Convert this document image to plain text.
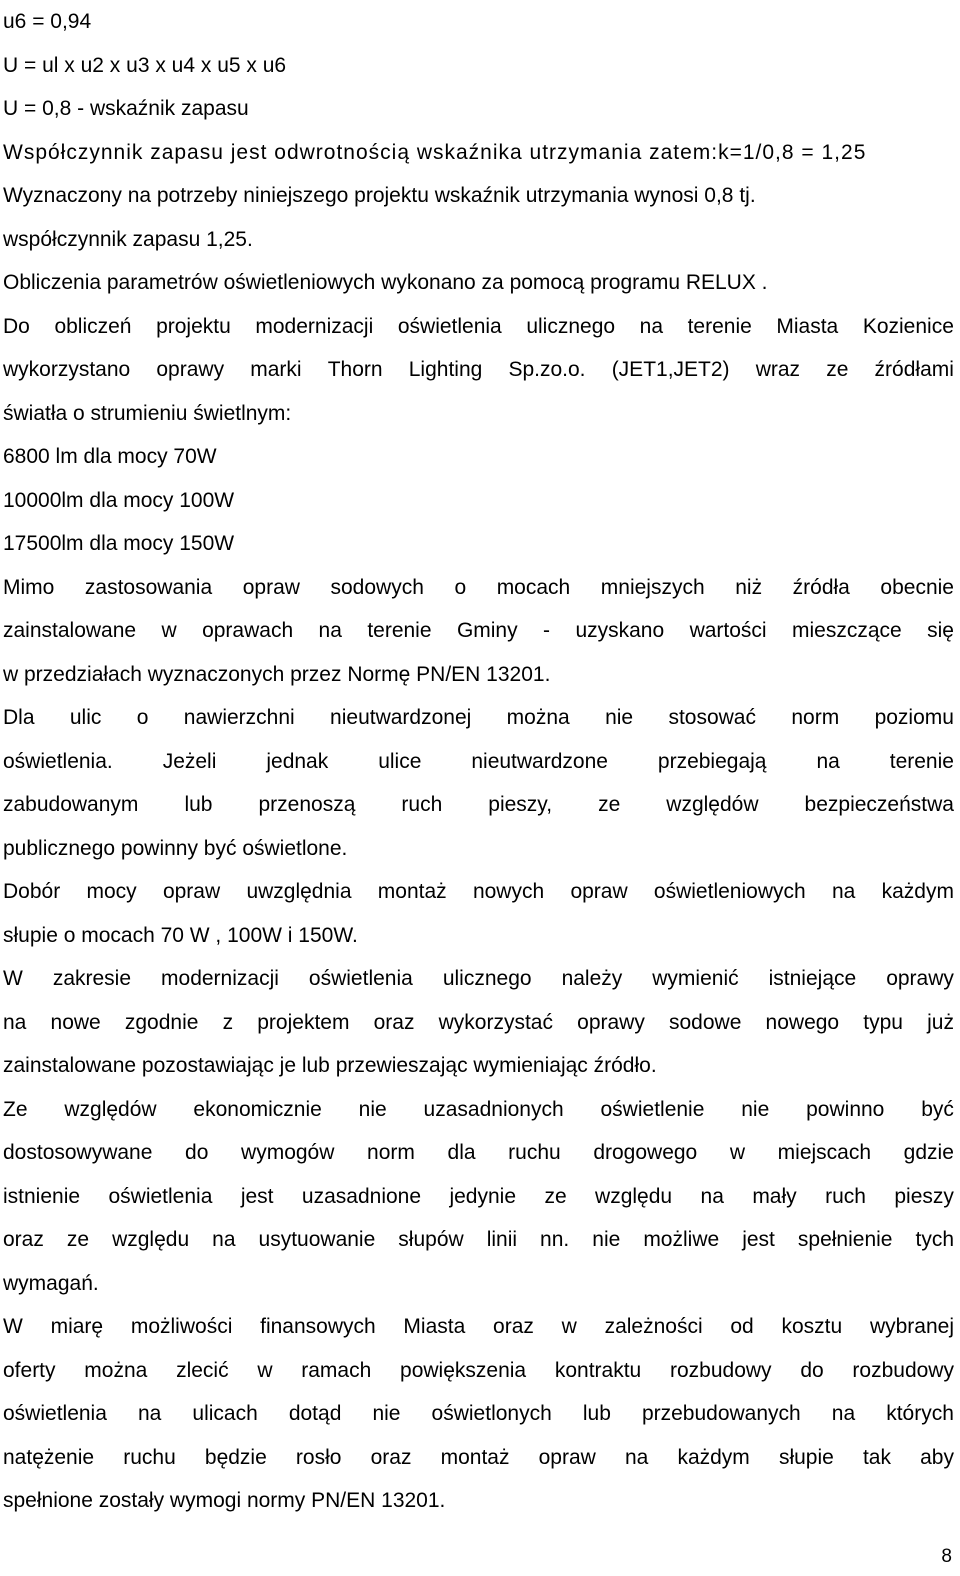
u6 = 0,94
U = ul x u2 x u3 x u4 x u5 x u6
U = 0,8 - wskaźnik zapasu
Współczynnik zapasu jest odwrotnością wskaźnika utrzymania zatem:k=1/0,8 = 1,25
Wyznaczony na potrzeby niniejszego projektu wskaźnik utrzymania wynosi 0,8 tj.
współczynnik zapasu 1,25.
Obliczenia parametrów oświetleniowych wykonano za pomocą programu RELUX .
Do obliczeń projektu modernizacji oświetlenia ulicznego na terenie Miasta Kozienice
wykorzystano oprawy marki Thorn Lighting Sp.zo.o. (JET1,JET2) wraz ze źródłami
światła o strumieniu świetlnym:
6800 lm dla mocy 70W
10000lm dla mocy 100W
17500lm dla mocy 150W
Mimo zastosowania opraw sodowych o mocach mniejszych niż źródła obecnie
zainstalowane w oprawach na terenie Gminy - uzyskano wartości mieszczące się
w przedziałach wyznaczonych przez Normę PN/EN 13201.
Dla ulic o nawierzchni nieutwardzonej można nie stosować norm poziomu
oświetlenia. Jeżeli jednak ulice nieutwardzone przebiegają na terenie
zabudowanym lub przenoszą ruch pieszy, ze względów bezpieczeństwa
publicznego powinny być oświetlone.
Dobór mocy opraw uwzględnia montaż nowych opraw oświetleniowych na każdym
słupie o mocach 70 W , 100W i 150W.
W zakresie modernizacji oświetlenia ulicznego należy wymienić istniejące oprawy
na nowe zgodnie z projektem oraz wykorzystać oprawy sodowe nowego typu już
zainstalowane pozostawiając je lub przewieszając wymieniając źródło.
Ze względów ekonomicznie nie uzasadnionych oświetlenie nie powinno być
dostosowywane do wymogów norm dla ruchu drogowego w miejscach gdzie
istnienie oświetlenia jest uzasadnione jedynie ze względu na mały ruch pieszy
oraz ze względu na usytuowanie słupów linii nn. nie możliwe jest spełnienie tych
wymagań.
W miarę możliwości finansowych Miasta oraz w zależności od kosztu wybranej
oferty można zlecić w ramach powiększenia kontraktu rozbudowy do rozbudowy
oświetlenia na ulicach dotąd nie oświetlonych lub przebudowanych na których
natężenie ruchu będzie rosło oraz montaż opraw na każdym słupie tak aby
spełnione zostały wymogi normy PN/EN 13201.
8
